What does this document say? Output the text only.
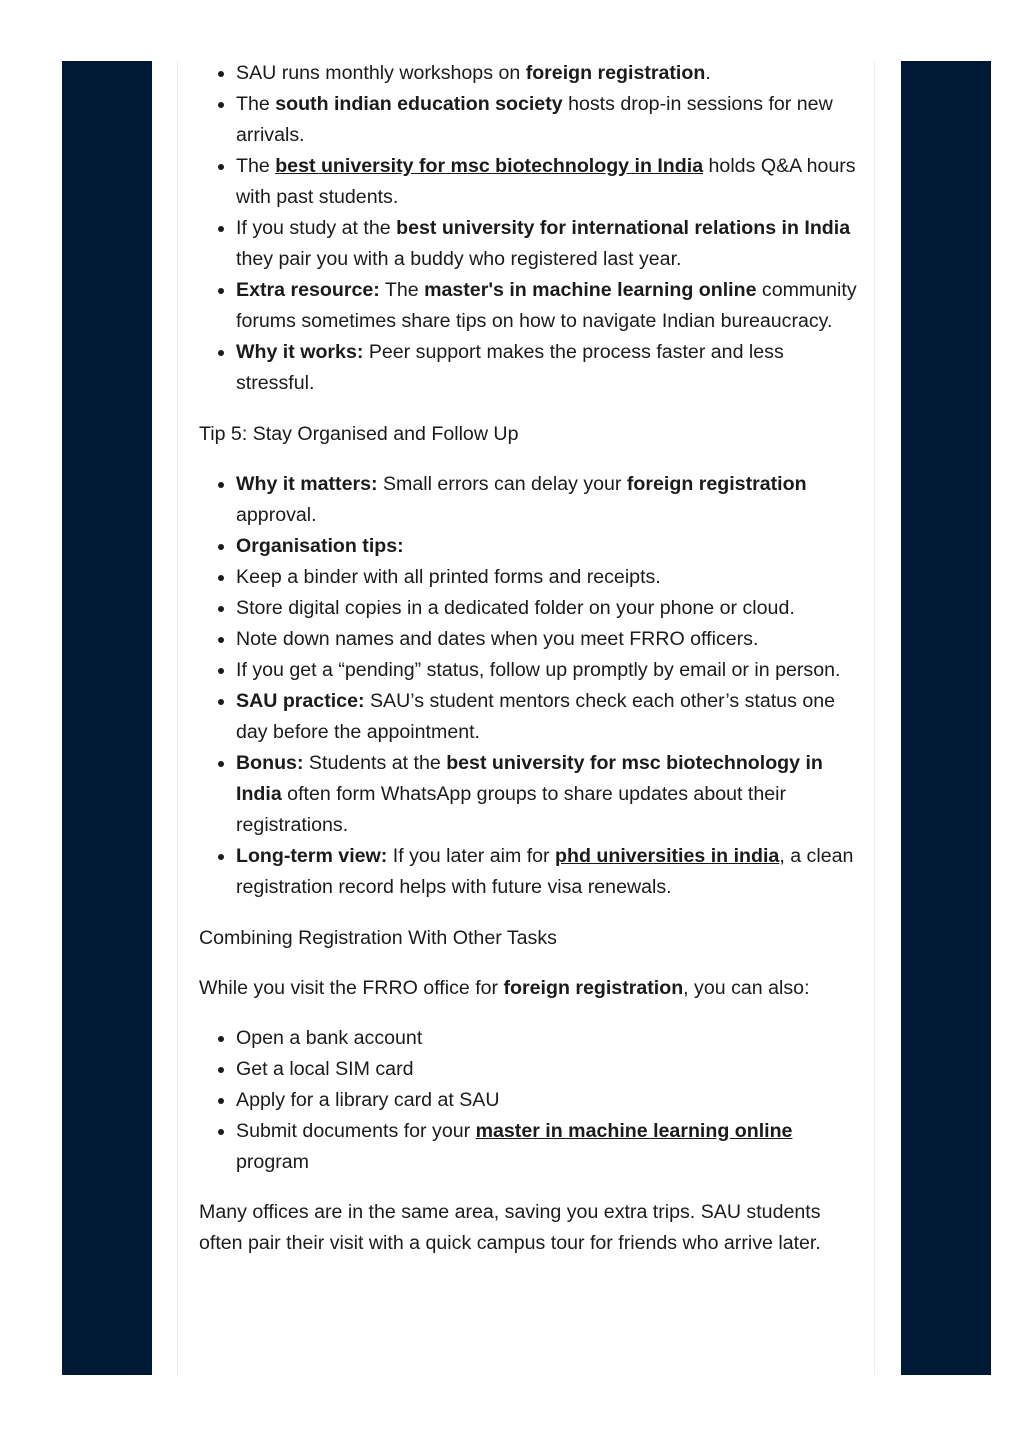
• SAU runs monthly workshops on foreign registration.
• The south indian education society hosts drop-in sessions for new arrivals.
• The best university for msc biotechnology in India holds Q&A hours with past students.
• If you study at the best university for international relations in India they pair you with a buddy who registered last year.
• Extra resource: The master's in machine learning online community forums sometimes share tips on how to navigate Indian bureaucracy.
• Why it works: Peer support makes the process faster and less stressful.

Tip 5: Stay Organised and Follow Up

• Why it matters: Small errors can delay your foreign registration approval.
• Organisation tips:
• Keep a binder with all printed forms and receipts.
• Store digital copies in a dedicated folder on your phone or cloud.
• Note down names and dates when you meet FRRO officers.
• If you get a “pending” status, follow up promptly by email or in person.
• SAU practice: SAU’s student mentors check each other’s status one day before the appointment.
• Bonus: Students at the best university for msc biotechnology in India often form WhatsApp groups to share updates about their registrations.
• Long-term view: If you later aim for phd universities in india, a clean registration record helps with future visa renewals.

Combining Registration With Other Tasks

While you visit the FRRO office for foreign registration, you can also:

• Open a bank account
• Get a local SIM card
• Apply for a library card at SAU
• Submit documents for your master in machine learning online program

Many offices are in the same area, saving you extra trips. SAU students often pair their visit with a quick campus tour for friends who arrive later.
